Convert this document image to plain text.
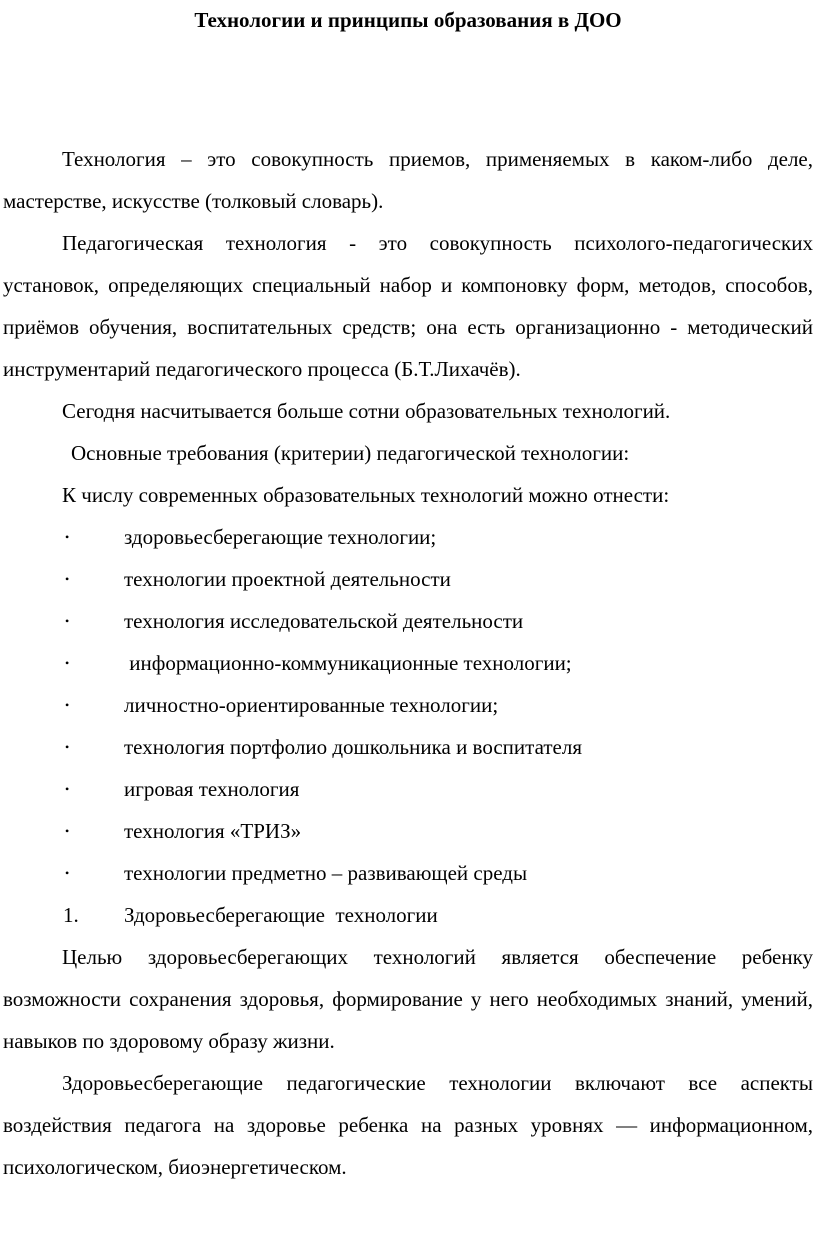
Технологии и принципы образования в ДОО

Технология – это совокупность приемов, применяемых в каком-либо деле, мастерстве, искусстве (толковый словарь).

Педагогическая технология - это совокупность психолого-педагогических установок, определяющих специальный набор и компоновку форм, методов, способов, приёмов обучения, воспитательных средств; она есть организационно - методический инструментарий педагогического процесса (Б.Т.Лихачёв).

Сегодня насчитывается больше сотни образовательных технологий.

Основные требования (критерии) педагогической технологии:

К числу современных образовательных технологий можно отнести:

•	здоровьесберегающие технологии;
•	технологии проектной деятельности
•	технология исследовательской деятельности
•	информационно-коммуникационные технологии;
•	личностно-ориентированные технологии;
•	технология портфолио дошкольника и воспитателя
•	игровая технология
•	технология «ТРИЗ»
•	технологии предметно – развивающей среды

1. Здоровьесберегающие  технологии

Целью здоровьесберегающих технологий является обеспечение ребенку возможности сохранения здоровья, формирование у него необходимых знаний, умений, навыков по здоровому образу жизни.

Здоровьесберегающие педагогические технологии включают все аспекты воздействия педагога на здоровье ребенка на разных уровнях — информационном, психологическом, биоэнергетическом.
